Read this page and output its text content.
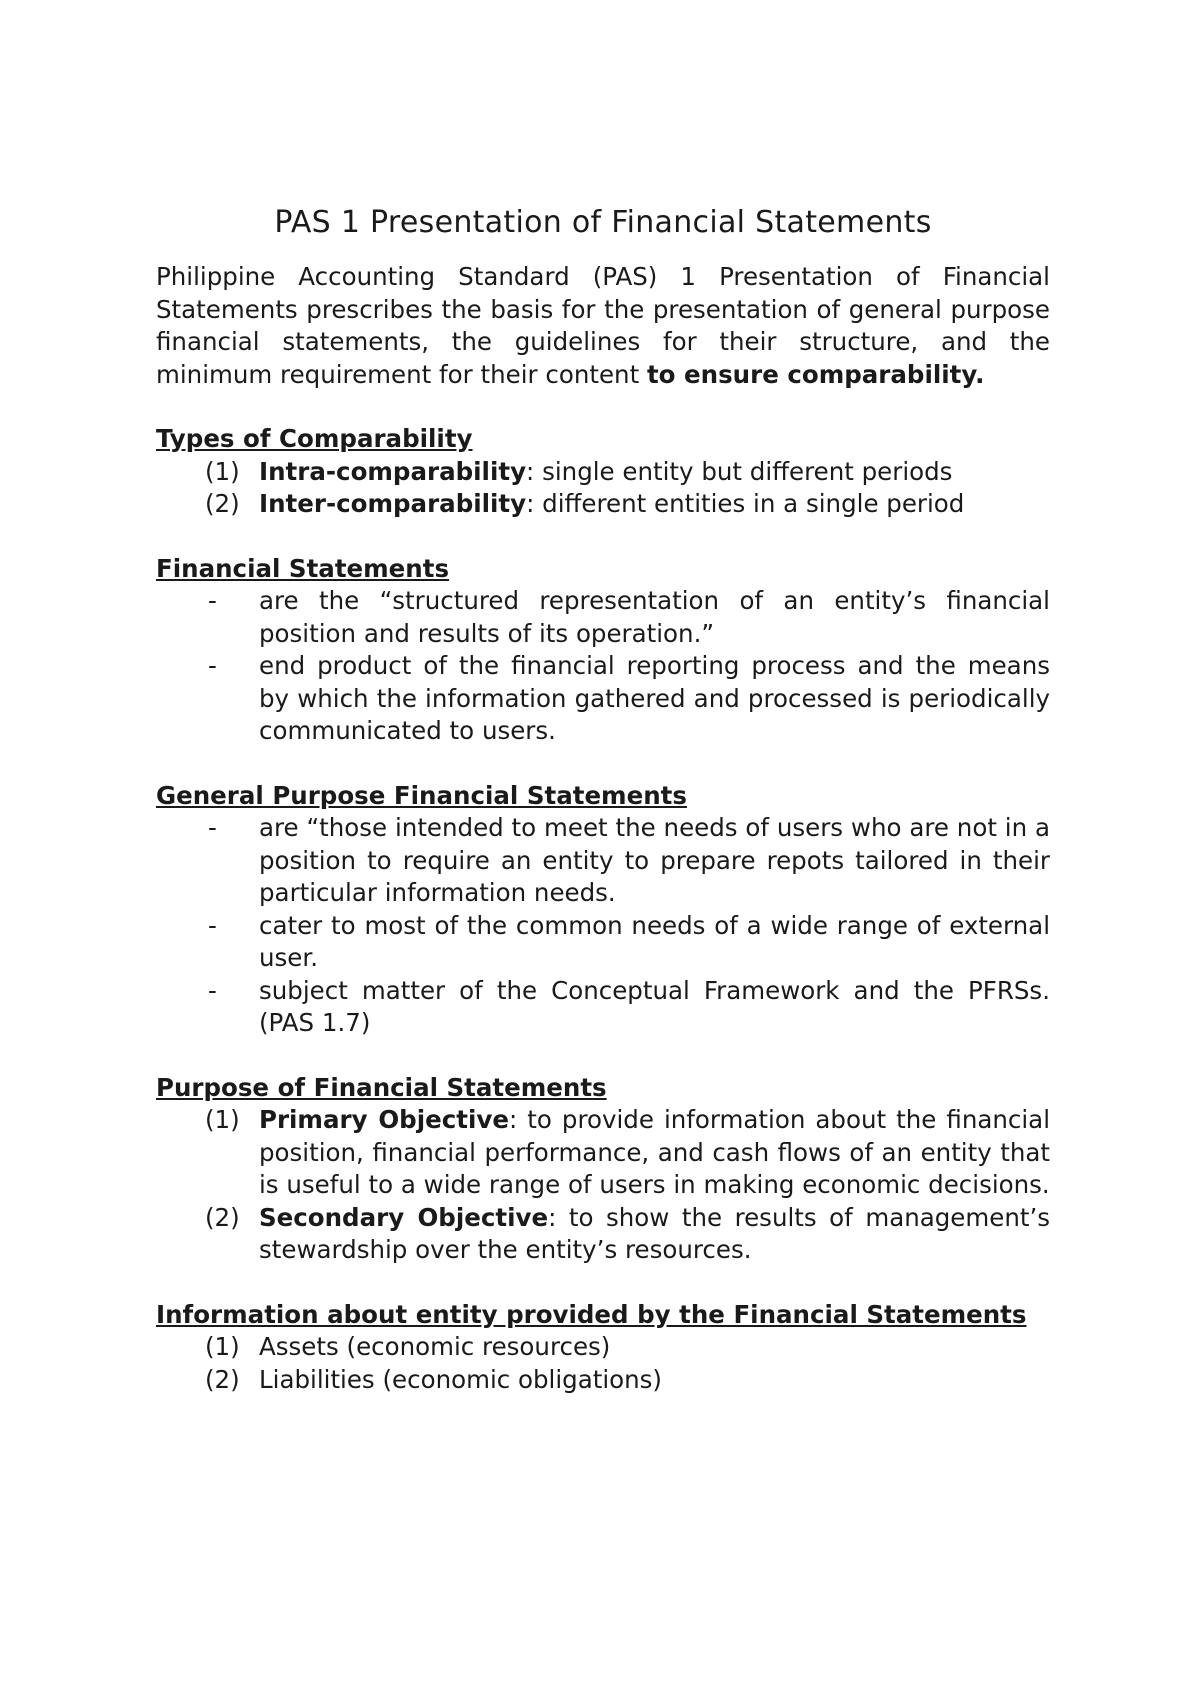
PAS 1 Presentation of Financial Statements

Philippine Accounting Standard (PAS) 1 Presentation of Financial Statements prescribes the basis for the presentation of general purpose financial statements, the guidelines for their structure, and the minimum requirement for their content to ensure comparability.

Types of Comparability

(1) Intra-comparability: single entity but different periods
(2) Inter-comparability: different entities in a single period

Financial Statements

-	are the “structured representation of an entity’s financial position and results of its operation.”
-	end product of the financial reporting process and the means by which the information gathered and processed is periodically communicated to users.

General Purpose Financial Statements

-	are “those intended to meet the needs of users who are not in a position to require an entity to prepare repots tailored in their particular information needs.
-	cater to most of the common needs of a wide range of external user.
-	subject matter of the Conceptual Framework and the PFRSs. (PAS 1.7)

Purpose of Financial Statements

(1) Primary Objective: to provide information about the financial position, financial performance, and cash flows of an entity that is useful to a wide range of users in making economic decisions.
(2) Secondary Objective: to show the results of management’s stewardship over the entity’s resources.

Information about entity provided by the Financial Statements

(1) Assets (economic resources)
(2) Liabilities (economic obligations)
